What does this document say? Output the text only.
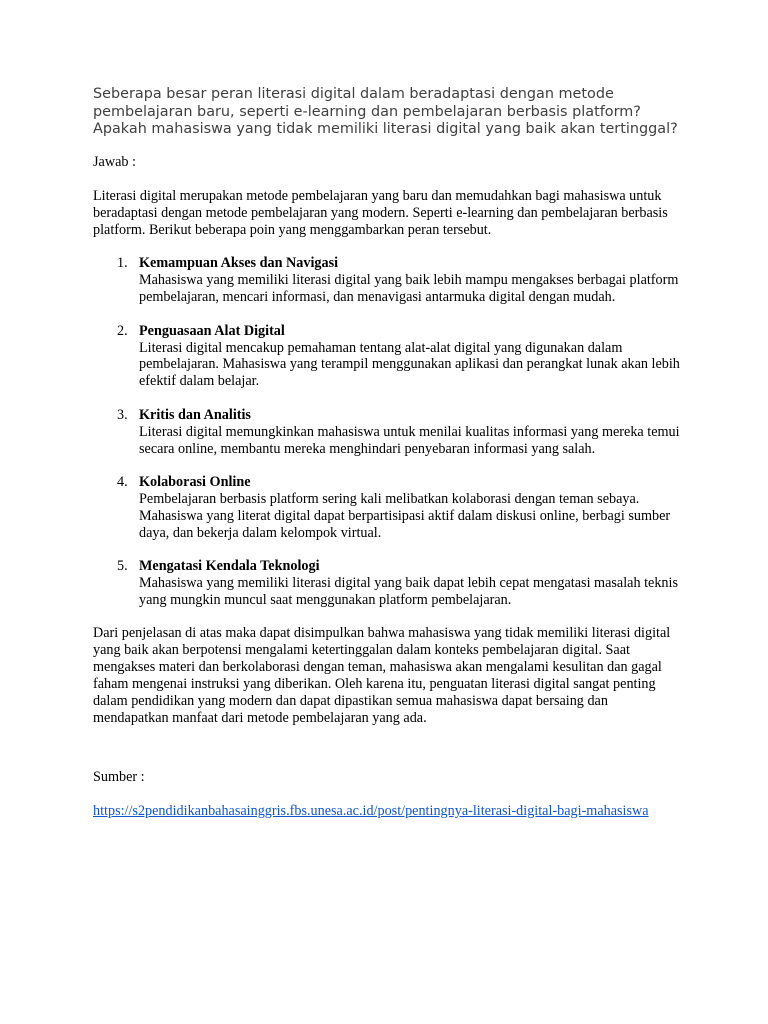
Seberapa besar peran literasi digital dalam beradaptasi dengan metode pembelajaran baru, seperti e-learning dan pembelajaran berbasis platform? Apakah mahasiswa yang tidak memiliki literasi digital yang baik akan tertinggal?

Jawab :
Literasi digital merupakan metode pembelajaran yang baru dan memudahkan bagi mahasiswa untuk beradaptasi dengan metode pembelajaran yang modern. Seperti e-learning dan pembelajaran berbasis platform. Berikut beberapa poin yang menggambarkan peran tersebut.
1. Kemampuan Akses dan Navigasi
Mahasiswa yang memiliki literasi digital yang baik lebih mampu mengakses berbagai platform pembelajaran, mencari informasi, dan menavigasi antarmuka digital dengan mudah.
2. Penguasaan Alat Digital
Literasi digital mencakup pemahaman tentang alat-alat digital yang digunakan dalam pembelajaran. Mahasiswa yang terampil menggunakan aplikasi dan perangkat lunak akan lebih efektif dalam belajar.
3. Kritis dan Analitis
Literasi digital memungkinkan mahasiswa untuk menilai kualitas informasi yang mereka temui secara online, membantu mereka menghindari penyebaran informasi yang salah.
4. Kolaborasi Online
Pembelajaran berbasis platform sering kali melibatkan kolaborasi dengan teman sebaya. Mahasiswa yang literat digital dapat berpartisipasi aktif dalam diskusi online, berbagi sumber daya, dan bekerja dalam kelompok virtual.
5. Mengatasi Kendala Teknologi
Mahasiswa yang memiliki literasi digital yang baik dapat lebih cepat mengatasi masalah teknis yang mungkin muncul saat menggunakan platform pembelajaran.
Dari penjelasan di atas maka dapat disimpulkan bahwa mahasiswa yang tidak memiliki literasi digital yang baik akan berpotensi mengalami ketertinggalan dalam konteks pembelajaran digital. Saat mengakses materi dan berkolaborasi dengan teman, mahasiswa akan mengalami kesulitan dan gagal faham mengenai instruksi yang diberikan. Oleh karena itu, penguatan literasi digital sangat penting dalam pendidikan yang modern dan dapat dipastikan semua mahasiswa dapat bersaing dan mendapatkan manfaat dari metode pembelajaran yang ada.
Sumber :
https://s2pendidikanbahasainggris.fbs.unesa.ac.id/post/pentingnya-literasi-digital-bagi-mahasiswa
